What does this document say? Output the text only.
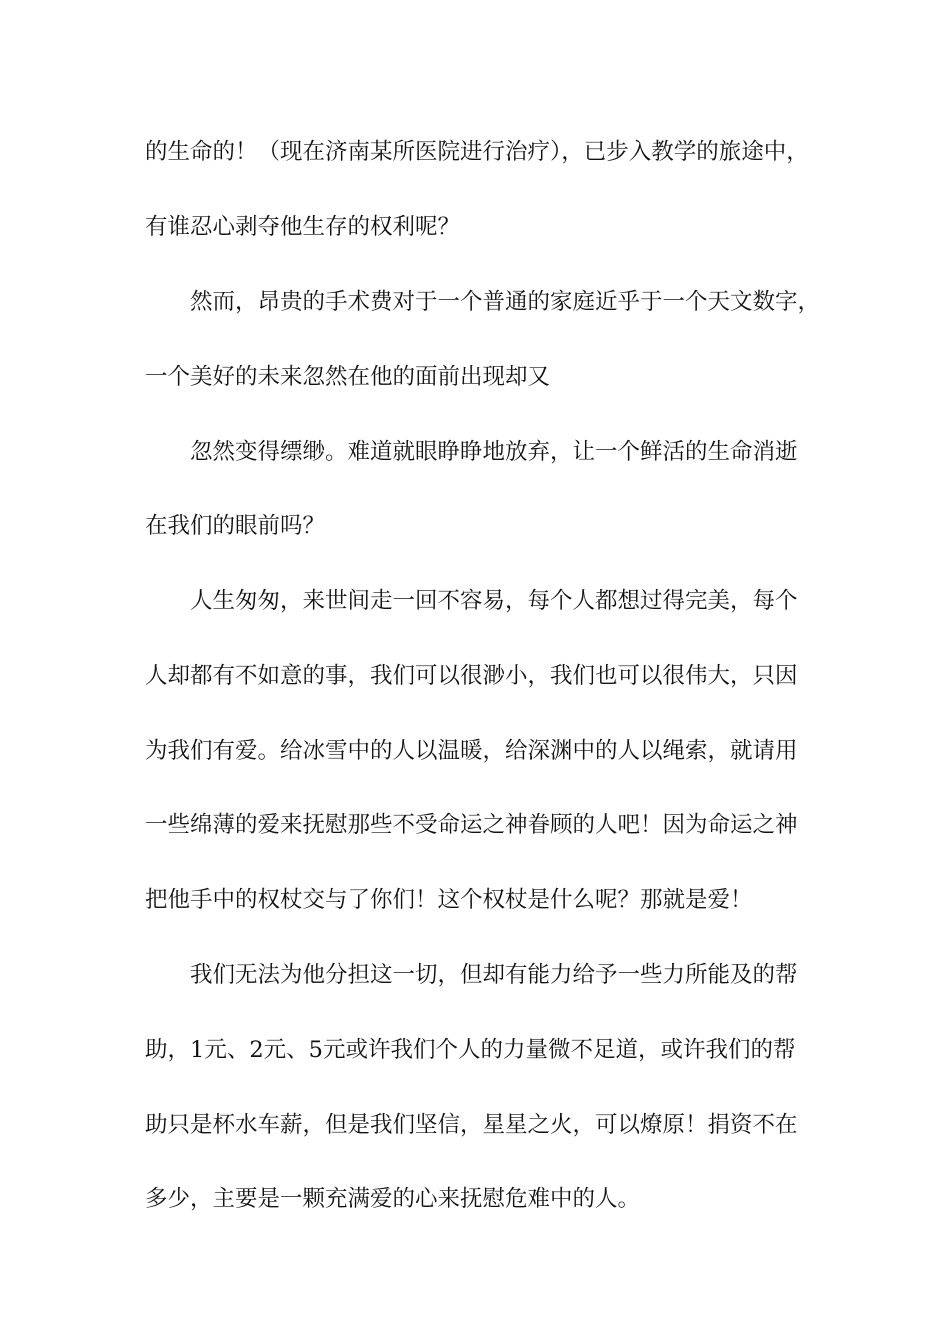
的生命的！（现在济南某所医院进行治疗），已步入教学的旅途中，

有谁忍心剥夺他生存的权利呢？

然而，昂贵的手术费对于一个普通的家庭近乎于一个天文数字，

一个美好的未来忽然在他的面前出现却又

忽然变得缥缈。难道就眼睁睁地放弃，让一个鲜活的生命消逝

在我们的眼前吗？

人生匆匆，来世间走一回不容易，每个人都想过得完美，每个

人却都有不如意的事，我们可以很渺小，我们也可以很伟大，只因

为我们有爱。给冰雪中的人以温暖，给深渊中的人以绳索，就请用

一些绵薄的爱来抚慰那些不受命运之神眷顾的人吧！因为命运之神

把他手中的权杖交与了你们！这个权杖是什么呢？那就是爱！

我们无法为他分担这一切，但却有能力给予一些力所能及的帮

助，1元、2元、5元或许我们个人的力量微不足道，或许我们的帮

助只是杯水车薪，但是我们坚信，星星之火，可以燎原！捐资不在

多少，主要是一颗充满爱的心来抚慰危难中的人。
